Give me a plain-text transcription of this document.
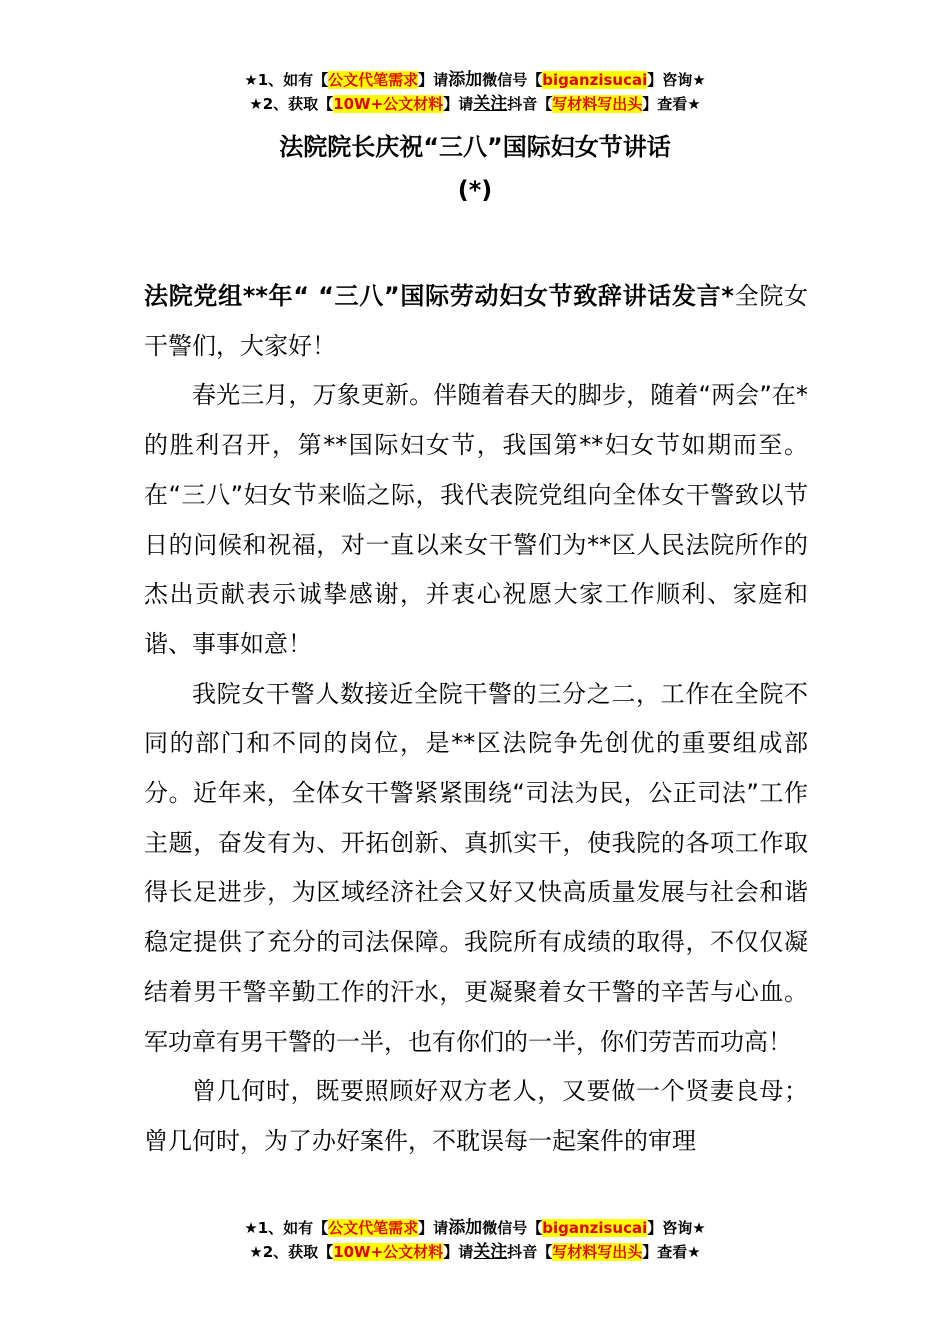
★1、如有【公文代笔需求】请添加微信号【biganzisucai】咨询★
★2、获取【10W+公文材料】请关注抖音【写材料写出头】查看★
法院院长庆祝“三八”国际妇女节讲话
(*)

法院党组**年“ “三八”国际劳动妇女节致辞讲话发言*全院女干警们，大家好！

春光三月，万象更新。伴随着春天的脚步，随着“两会”在*的胜利召开，第**国际妇女节，我国第**妇女节如期而至。在“三八”妇女节来临之际，我代表院党组向全体女干警致以节日的问候和祝福，对一直以来女干警们为**区人民法院所作的杰出贡献表示诚挚感谢，并衷心祝愿大家工作顺利、家庭和谐、事事如意！

我院女干警人数接近全院干警的三分之二，工作在全院不同的部门和不同的岗位，是**区法院争先创优的重要组成部分。近年来，全体女干警紧紧围绕“司法为民，公正司法”工作主题，奋发有为、开拓创新、真抓实干，使我院的各项工作取得长足进步，为区域经济社会又好又快高质量发展与社会和谐稳定提供了充分的司法保障。我院所有成绩的取得，不仅仅凝结着男干警辛勤工作的汗水，更凝聚着女干警的辛苦与心血。军功章有男干警的一半，也有你们的一半，你们劳苦而功高！

曾几何时，既要照顾好双方老人，又要做一个贤妻良母；曾几何时，为了办好案件，不耽误每一起案件的审理

★1、如有【公文代笔需求】请添加微信号【biganzisucai】咨询★
★2、获取【10W+公文材料】请关注抖音【写材料写出头】查看★
